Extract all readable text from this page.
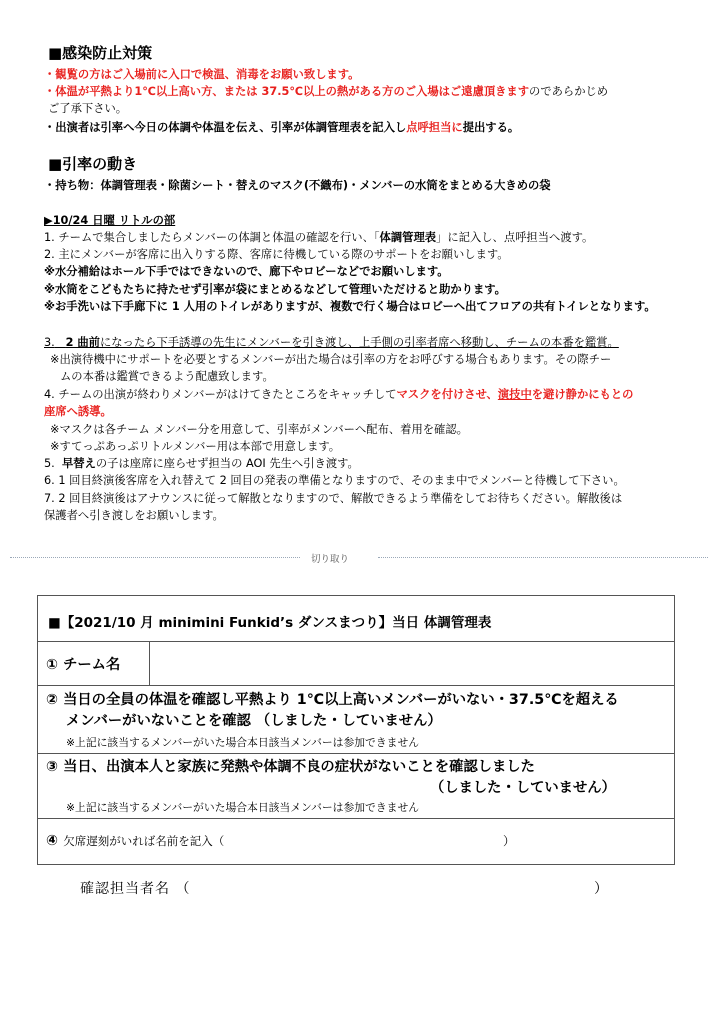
■感染防止対策
・観覧の方はご入場前に入口で検温、消毒をお願い致します。
・体温が平熱より1℃以上高い方、または 37.5℃以上の熱がある方のご入場はご遠慮頂きますのであらかじめ
ご了承下さい。
・出演者は引率へ今日の体調や体温を伝え、引率が体調管理表を記入し点呼担当に提出する。
■引率の動き
・持ち物：体調管理表・除菌シート・替えのマスク(不織布)・メンバーの水筒をまとめる大きめの袋
▶10/24 日曜 リトルの部
1. チームで集合しましたらメンバーの体調と体温の確認を行い、「体調管理表」に記入し、点呼担当へ渡す。
2. 主にメンバーが客席に出入りする際、客席に待機している際のサポートをお願いします。
※水分補給はホール下手ではできないので、廊下やロビーなどでお願いします。
※水筒をこどもたちに持たせず引率が袋にまとめるなどして管理いただけると助かります。
※お手洗いは下手廊下に 1 人用のトイレがありますが、複数で行く場合はロビーへ出てフロアの共有トイレとなります。
3. 2 曲前になったら下手誘導の先生にメンバーを引き渡し、上手側の引率者席へ移動し、チームの本番を鑑賞。
※出演待機中にサポートを必要とするメンバーが出た場合は引率の方をお呼びする場合もあります。その際チー
ムの本番は鑑賞できるよう配慮致します。
4. チームの出演が終わりメンバーがはけてきたところをキャッチしてマスクを付けさせ、演技中を避け静かにもとの
座席へ誘導。
※マスクは各チーム メンバー分を用意して、引率がメンバーへ配布、着用を確認。
※すてっぷあっぷリトルメンバー用は本部で用意します。
5. 早替えの子は座席に座らせず担当の AOI 先生へ引き渡す。
6. 1 回目終演後客席を入れ替えて 2 回目の発表の準備となりますので、そのまま中でメンバーと待機して下さい。
7. 2 回目終演後はアナウンスに従って解散となりますので、解散できるよう準備をしてお待ちください。解散後は
保護者へ引き渡しをお願いします。
切り取り
■【2021/10 月 minimini Funkid’s ダンスまつり】当日 体調管理表
① チーム名
② 当日の全員の体温を確認し平熱より 1℃以上高いメンバーがいない・37.5℃を超える
メンバーがいないことを確認 （しました・していません）
※上記に該当するメンバーがいた場合本日該当メンバーは参加できません
③ 当日、出演本人と家族に発熱や体調不良の症状がないことを確認しました
（しました・していません）
※上記に該当するメンバーがいた場合本日該当メンバーは参加できません
④ 欠席遅刻がいれば名前を記入（	）
確認担当者名 （	）
